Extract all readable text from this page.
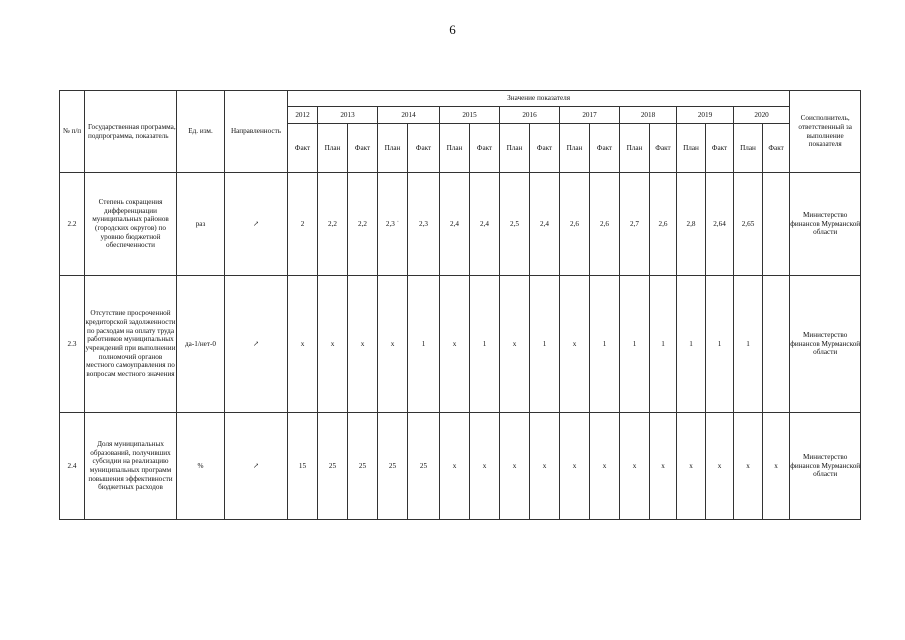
6
№ п/п	Государственная программа, подпрограмма, показатель	Ед. изм.	Направленность	Значение показателя																	Соисполнитель, ответственный за выполнение показателя
				2012	2013		2014		2015		2016		2017		2018		2019		2020		
				Факт	План	Факт	План	Факт	План	Факт	План	Факт	План	Факт	План	Факт	План	Факт	План	Факт	
2.2	Степень сокращения дифференциации муниципальных районов (городских округов) по уровню бюджетной обеспеченности	раз	↗	2	2,2	2,2	2,3 ˈ	2,3	2,4	2,4	2,5	2,4	2,6	2,6	2,7	2,6	2,8	2,64	2,65		Министерство финансов Мурманской области
2.3	Отсутствие просроченной кредиторской задолженности по расходам на оплату труда работников муниципальных учреждений при выполнении полномочий органов местного самоуправления по вопросам местного значения	да-1/нет-0	↗	x	x	x	x	1	x	1	x	1	x	1	1	1	1	1	1		Министерство финансов Мурманской области
2.4	Доля муниципальных образований, получивших субсидии на реализацию муниципальных программ повышения эффективности бюджетных расходов	%	↗	15	25	25	25	25	x	x	x	x	x	x	x	x	x	x	x	x	Министерство финансов Мурманской области
